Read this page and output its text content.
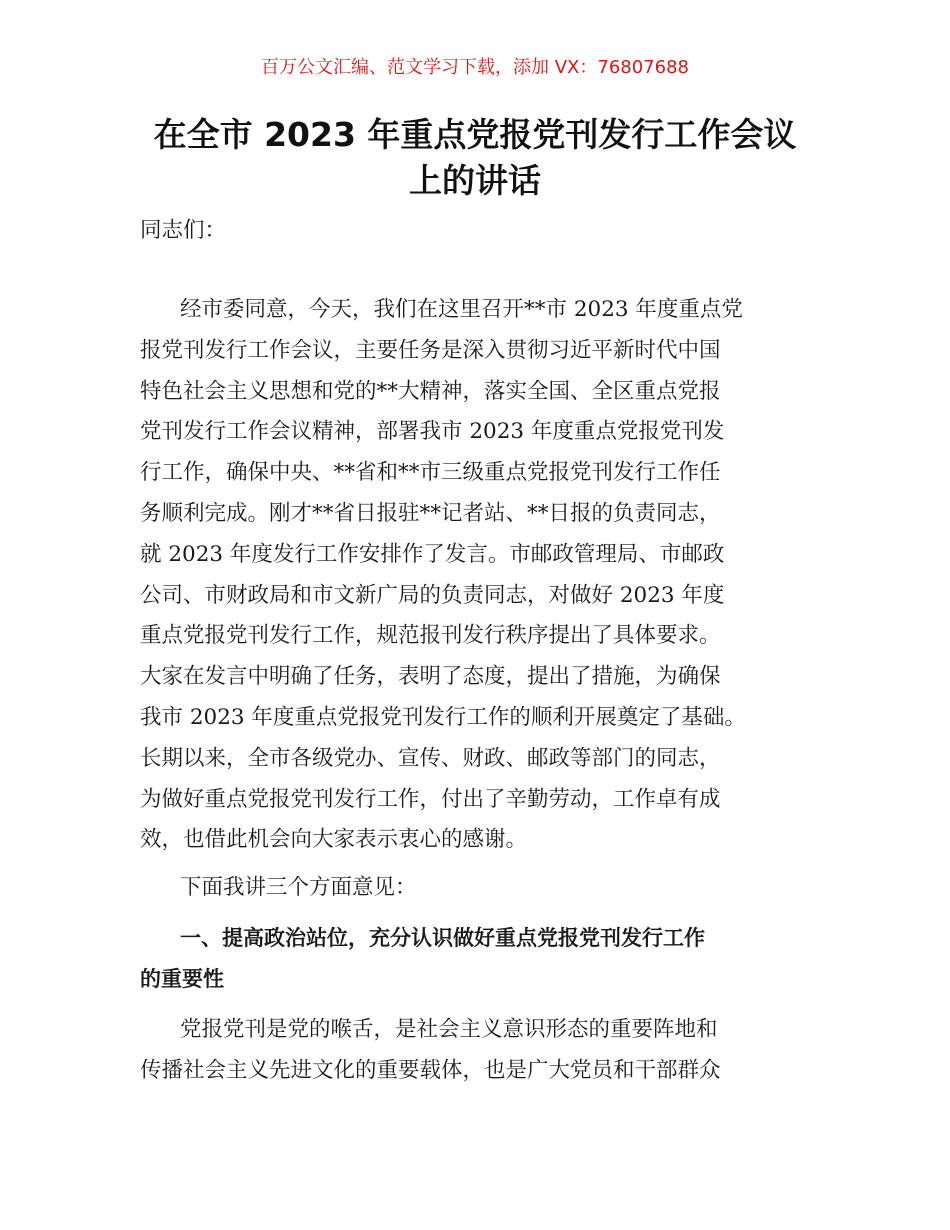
百万公文汇编、范文学习下载，添加 VX：76807688
在全市 2023 年重点党报党刊发行工作会议
上的讲话
同志们：
经市委同意，今天，我们在这里召开**市 2023 年度重点党
报党刊发行工作会议，主要任务是深入贯彻习近平新时代中国
特色社会主义思想和党的**大精神，落实全国、全区重点党报
党刊发行工作会议精神，部署我市 2023 年度重点党报党刊发
行工作，确保中央、**省和**市三级重点党报党刊发行工作任
务顺利完成。刚才**省日报驻**记者站、**日报的负责同志，
就 2023 年度发行工作安排作了发言。市邮政管理局、市邮政
公司、市财政局和市文新广局的负责同志，对做好 2023 年度
重点党报党刊发行工作，规范报刊发行秩序提出了具体要求。
大家在发言中明确了任务，表明了态度，提出了措施，为确保
我市 2023 年度重点党报党刊发行工作的顺利开展奠定了基础。
长期以来，全市各级党办、宣传、财政、邮政等部门的同志，
为做好重点党报党刊发行工作，付出了辛勤劳动，工作卓有成
效，也借此机会向大家表示衷心的感谢。
下面我讲三个方面意见：
一、提高政治站位，充分认识做好重点党报党刊发行工作
的重要性
党报党刊是党的喉舌，是社会主义意识形态的重要阵地和
传播社会主义先进文化的重要载体，也是广大党员和干部群众
